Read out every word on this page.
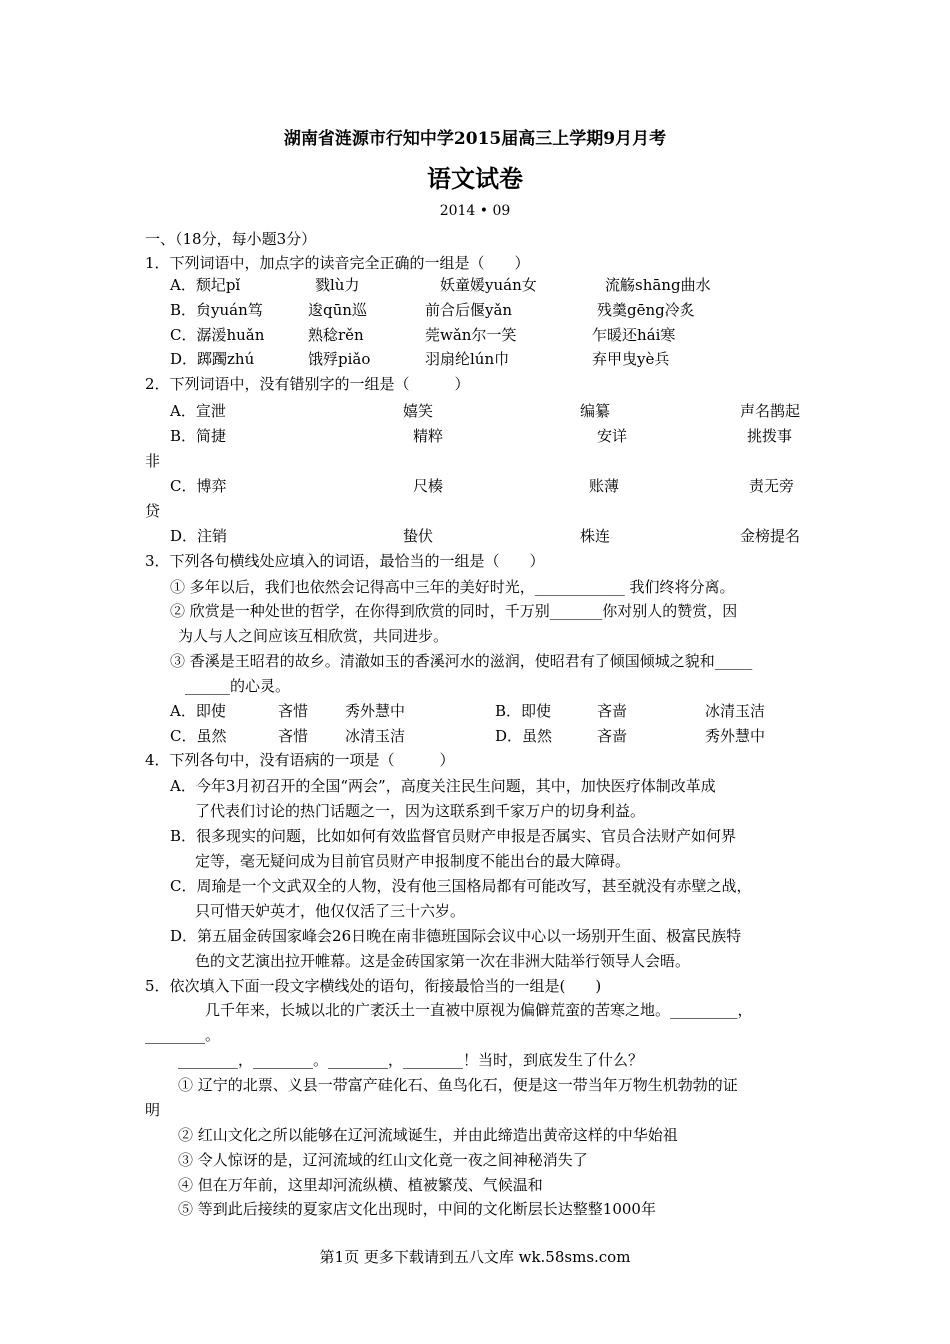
湖南省涟源市行知中学2015届高三上学期9月月考
语文试卷
2014 • 09
一、（18分，每小题3分）
1．下列词语中，加点字的读音完全正确的一组是（　　）
A．颓圮pǐ	戮lù力	妖童媛yuán女	流觞shāng曲水
B．贠yuán笃	逡qūn巡	前合后偃yǎn	残羹gēng冷炙
C．潺湲huǎn	熟稔rěn	莞wǎn尔一笑	乍暖还hái寒
D．踯躅zhú	饿殍piǎo	羽扇纶lún巾	弃甲曳yè兵
2．下列词语中，没有错别字的一组是（　　　）
A．宣泄	嬉笑	编纂	声名鹊起
B．简捷	精粹	安详	挑拨事
非
C．博弈	尺楱	账薄	责无旁
贷
D．注销	蛰伏	株连	金榜提名
3．下列各句横线处应填入的词语，最恰当的一组是（　　）
① 多年以后，我们也依然会记得高中三年的美好时光，____________ 我们终将分离。
② 欣赏是一种处世的哲学，在你得到欣赏的同时，千万别_______你对别人的赞赏，因
为人与人之间应该互相欣赏，共同进步。
③ 香溪是王昭君的故乡。清澈如玉的香溪河水的滋润，使昭君有了倾国倾城之貌和_____
______的心灵。
A．即使	吝惜 秀外慧中	B．即使	吝啬	冰清玉洁
C．虽然	吝惜 冰清玉洁	D．虽然	吝啬	秀外慧中
4．下列各句中，没有语病的一项是（　　　）
A．今年3月初召开的全国“两会”，高度关注民生问题，其中，加快医疗体制改革成
了代表们讨论的热门话题之一，因为这联系到千家万户的切身利益。
B．很多现实的问题，比如如何有效监督官员财产申报是否属实、官员合法财产如何界
定等，毫无疑问成为目前官员财产申报制度不能出台的最大障碍。
C．周瑜是一个文武双全的人物，没有他三国格局都有可能改写，甚至就没有赤壁之战，
只可惜天妒英才，他仅仅活了三十六岁。
D．第五届金砖国家峰会26日晚在南非德班国际会议中心以一场别开生面、极富民族特
色的文艺演出拉开帷幕。这是金砖国家第一次在非洲大陆举行领导人会晤。
5．依次填入下面一段文字横线处的语句，衔接最恰当的一组是(　　)
几千年来，长城以北的广袤沃土一直被中原视为偏僻荒蛮的苦寒之地。_________，
________。
________，________。________，________！当时，到底发生了什么？
① 辽宁的北票、义县一带富产硅化石、鱼鸟化石，便是这一带当年万物生机勃勃的证
明
② 红山文化之所以能够在辽河流域诞生，并由此缔造出黄帝这样的中华始祖
③ 令人惊讶的是，辽河流域的红山文化竟一夜之间神秘消失了
④ 但在万年前，这里却河流纵横、植被繁茂、气候温和
⑤ 等到此后接续的夏家店文化出现时，中间的文化断层长达整整1000年
第1页 更多下载请到五八文库 wk.58sms.com
